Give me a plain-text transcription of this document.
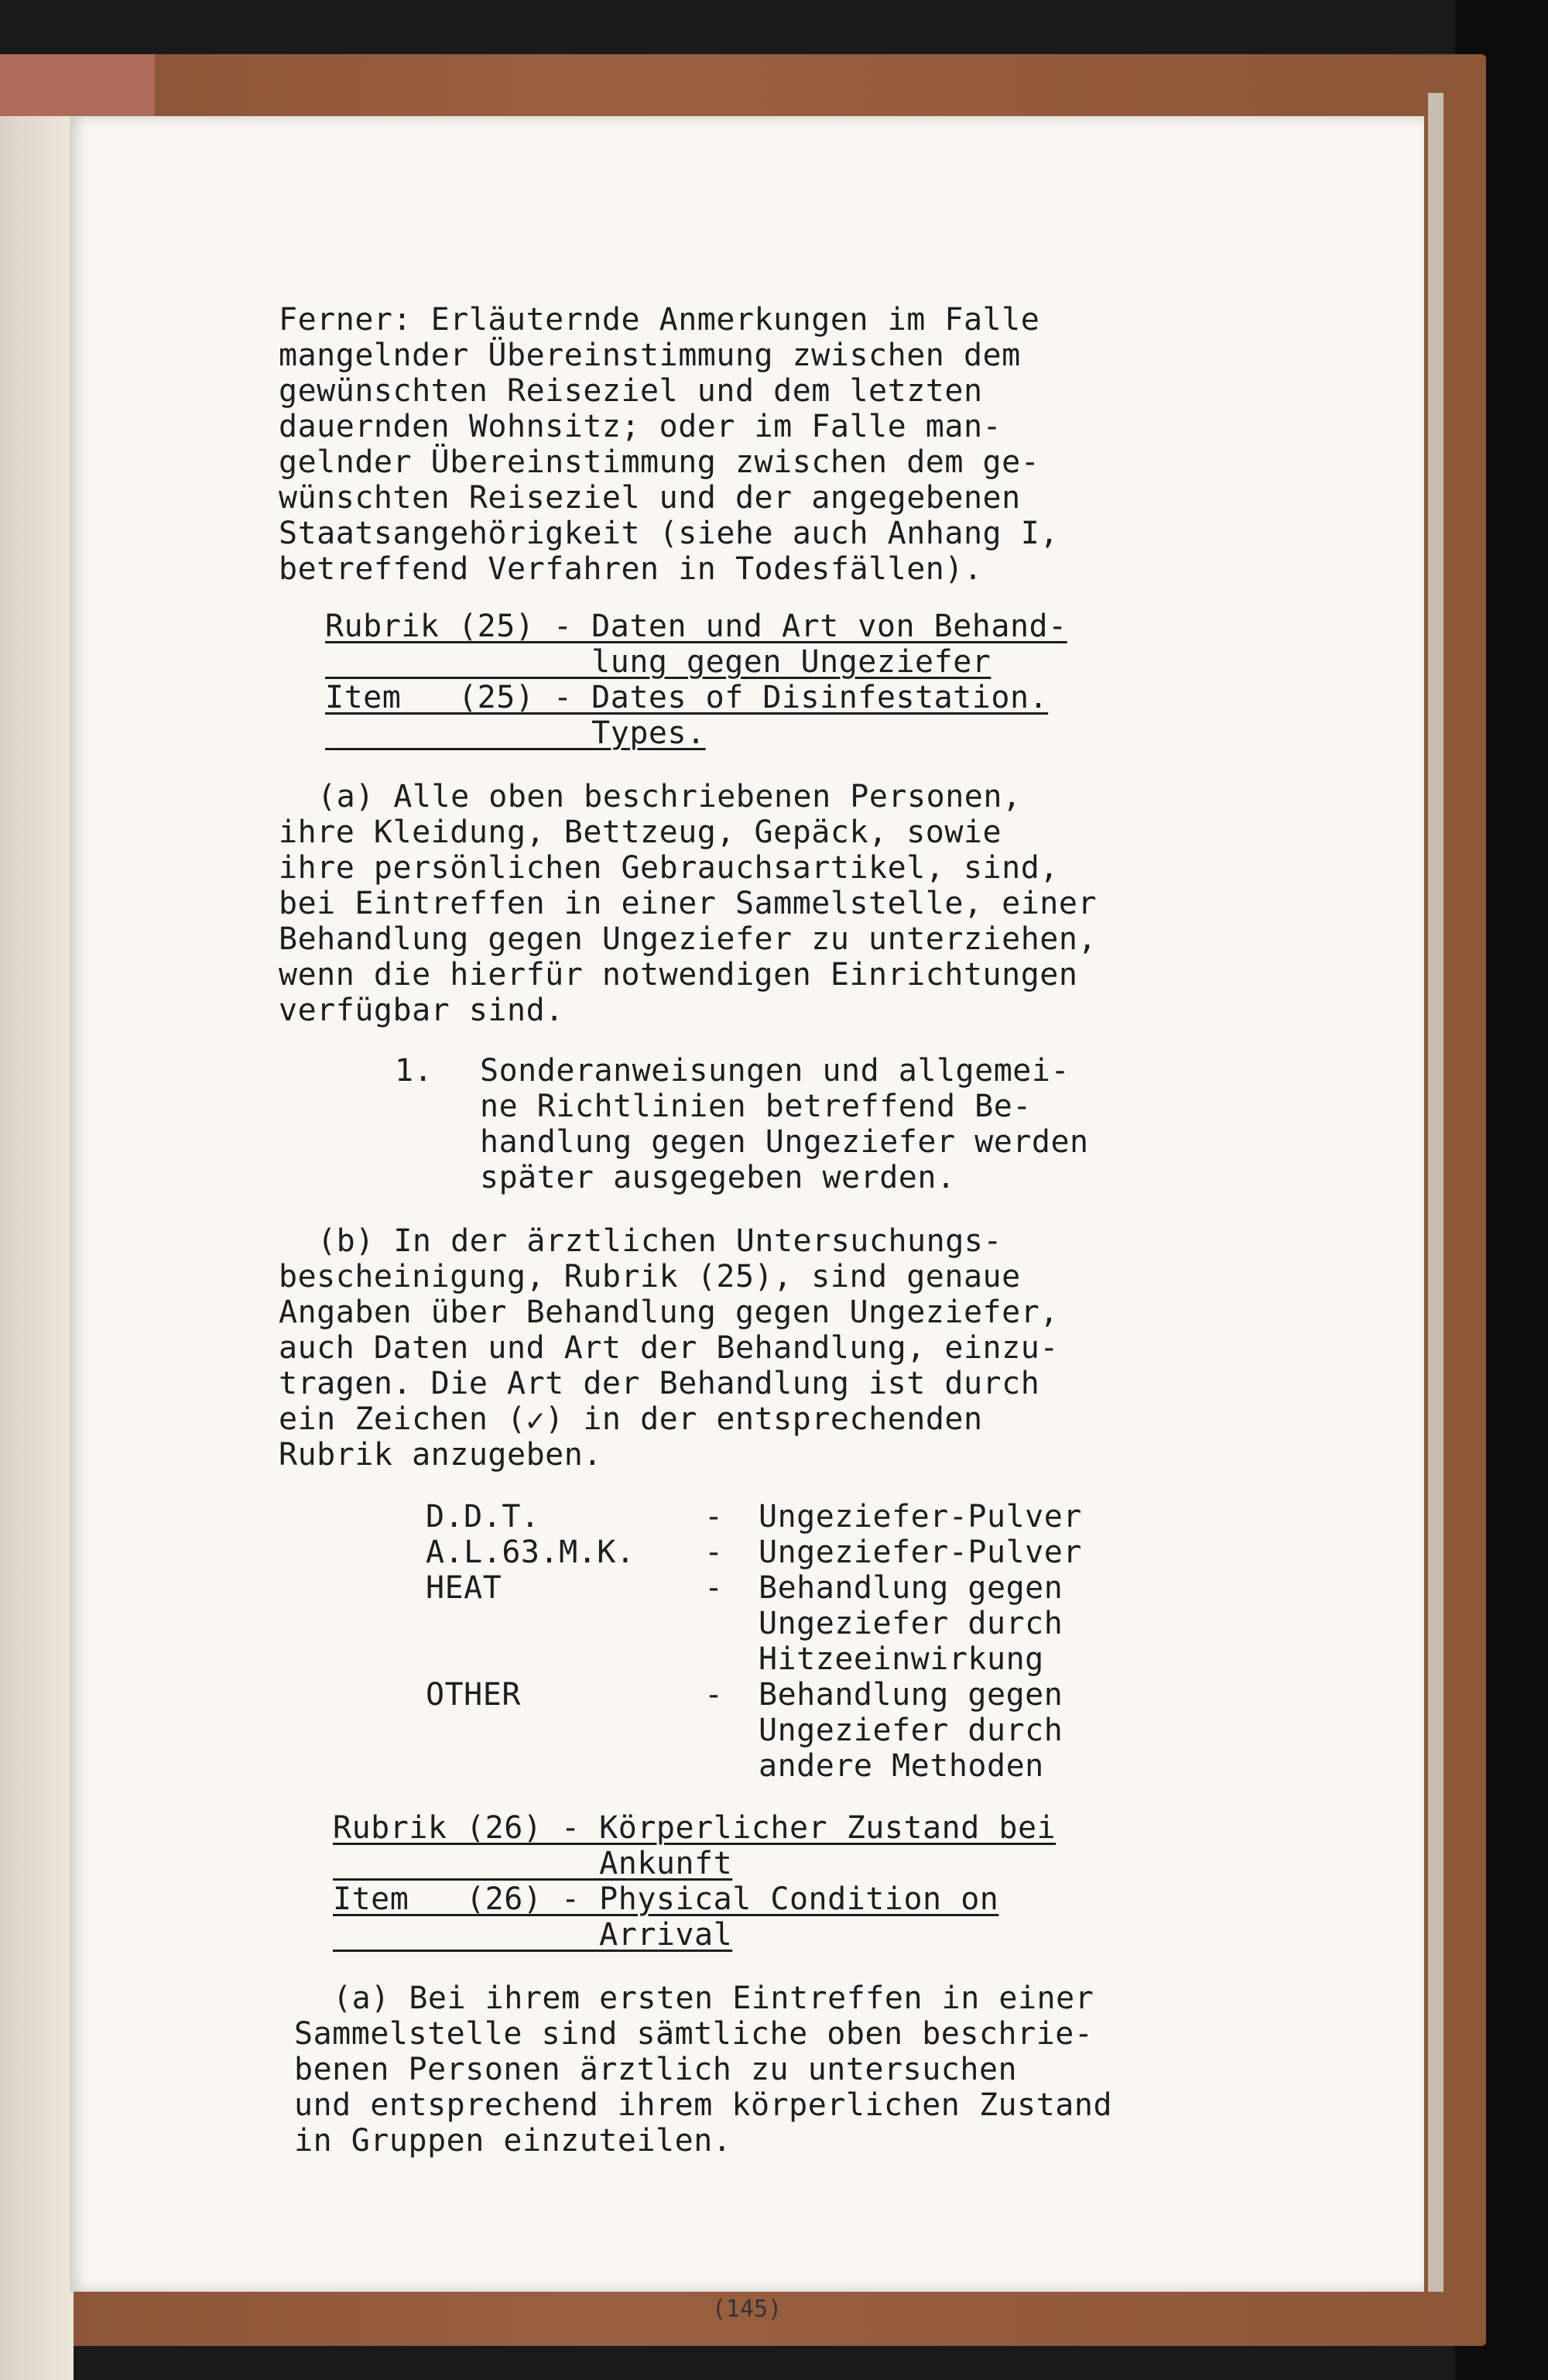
Ferner: Erläuternde Anmerkungen im Falle
mangelnder Übereinstimmung zwischen dem
gewünschten Reiseziel und dem letzten
dauernden Wohnsitz; oder im Falle man-
gelnder Übereinstimmung zwischen dem ge-
wünschten Reiseziel und der angegebenen
Staatsangehörigkeit (siehe auch Anhang I,
betreffend Verfahren in Todesfällen).
Rubrik (25) - Daten und Art von Behand-
lung gegen Ungeziefer
Item   (25) - Dates of Disinfestation.
Types.
(a) Alle oben beschriebenen Personen,
ihre Kleidung, Bettzeug, Gepäck, sowie
ihre persönlichen Gebrauchsartikel, sind,
bei Eintreffen in einer Sammelstelle, einer
Behandlung gegen Ungeziefer zu unterziehen,
wenn die hierfür notwendigen Einrichtungen
verfügbar sind.
1.	Sonderanweisungen und allgemei-
ne Richtlinien betreffend Be-
handlung gegen Ungeziefer werden
später ausgegeben werden.
(b) In der ärztlichen Untersuchungs-
bescheinigung, Rubrik (25), sind genaue
Angaben über Behandlung gegen Ungeziefer,
auch Daten und Art der Behandlung, einzu-
tragen. Die Art der Behandlung ist durch
ein Zeichen (✓) in der entsprechenden
Rubrik anzugeben.
D.D.T.	-	Ungeziefer-Pulver
A.L.63.M.K.	-	Ungeziefer-Pulver
HEAT	-	Behandlung gegen
Ungeziefer durch
Hitzeeinwirkung
OTHER	-	Behandlung gegen
Ungeziefer durch
andere Methoden
Rubrik (26) - Körperlicher Zustand bei
Ankunft
Item   (26) - Physical Condition on
Arrival
(a) Bei ihrem ersten Eintreffen in einer
Sammelstelle sind sämtliche oben beschrie-
benen Personen ärztlich zu untersuchen
und entsprechend ihrem körperlichen Zustand
in Gruppen einzuteilen.
(145)
